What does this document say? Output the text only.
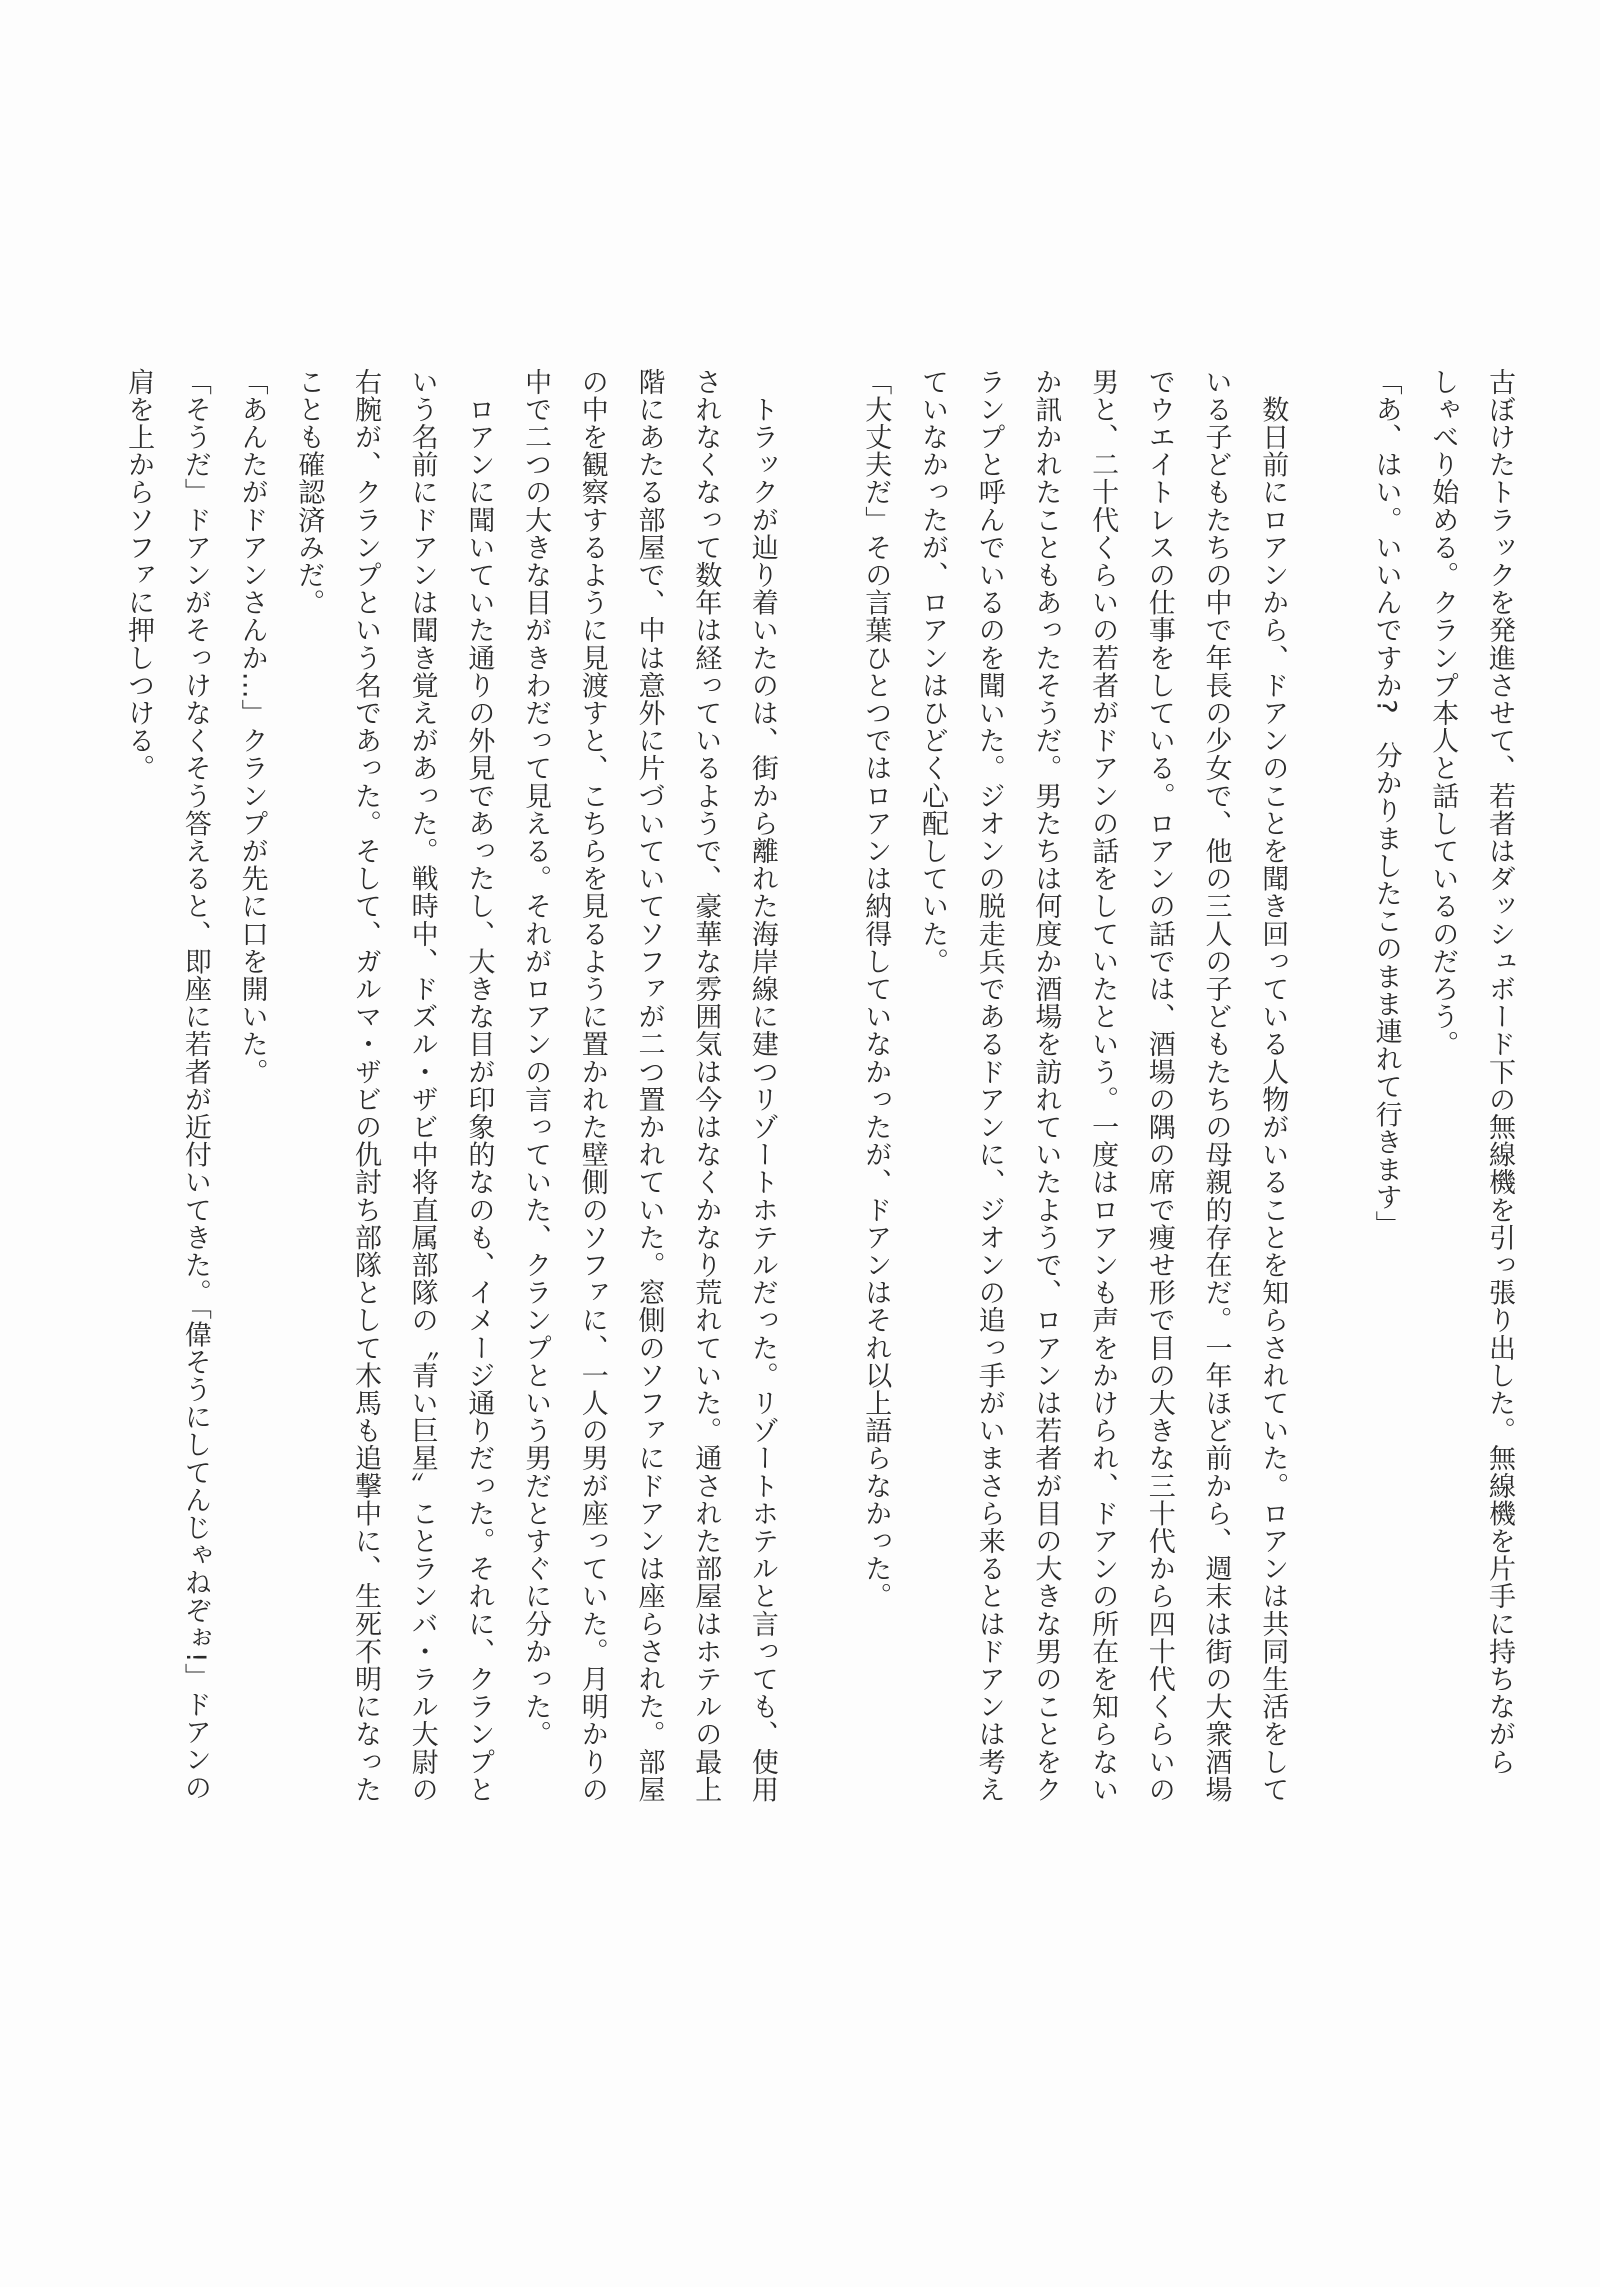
古ぼけたトラックを発進させて、若者はダッシュボード下の無線機を引っ張り出した。無線機を片手に持ちながら
しゃべり始める。クランプ本人と話しているのだろう。
「あ、はい。いいんですか?　分かりましたこのまま連れて行きます」
　数日前にロアンから、ドアンのことを聞き回っている人物がいることを知らされていた。ロアンは共同生活をして
いる子どもたちの中で年長の少女で、他の三人の子どもたちの母親的存在だ。一年ほど前から、週末は街の大衆酒場
でウエイトレスの仕事をしている。ロアンの話では、酒場の隅の席で痩せ形で目の大きな三十代から四十代くらいの
男と、二十代くらいの若者がドアンの話をしていたという。一度はロアンも声をかけられ、ドアンの所在を知らない
か訊かれたこともあったそうだ。男たちは何度か酒場を訪れていたようで、ロアンは若者が目の大きな男のことをク
ランプと呼んでいるのを聞いた。ジオンの脱走兵であるドアンに、ジオンの追っ手がいまさら来るとはドアンは考え
ていなかったが、ロアンはひどく心配していた。
「大丈夫だ」その言葉ひとつではロアンは納得していなかったが、ドアンはそれ以上語らなかった。
　トラックが辿り着いたのは、街から離れた海岸線に建つリゾートホテルだった。リゾートホテルと言っても、使用
されなくなって数年は経っているようで、豪華な雰囲気は今はなくかなり荒れていた。通された部屋はホテルの最上
階にあたる部屋で、中は意外に片づいていてソファが二つ置かれていた。窓側のソファにドアンは座らされた。部屋
の中を観察するように見渡すと、こちらを見るように置かれた壁側のソファに、一人の男が座っていた。月明かりの
中で二つの大きな目がきわだって見える。それがロアンの言っていた、クランプという男だとすぐに分かった。
　ロアンに聞いていた通りの外見であったし、大きな目が印象的なのも、イメージ通りだった。それに、クランプと
いう名前にドアンは聞き覚えがあった。戦時中、ドズル・ザビ中将直属部隊の〝青い巨星〟ことランバ・ラル大尉の
右腕が、クランプという名であった。そして、ガルマ・ザビの仇討ち部隊として木馬も追撃中に、生死不明になった
ことも確認済みだ。
「あんたがドアンさんか…」クランプが先に口を開いた。
「そうだ」ドアンがそっけなくそう答えると、即座に若者が近付いてきた。「偉そうにしてんじゃねぞぉ!」ドアンの
肩を上からソファに押しつける。
